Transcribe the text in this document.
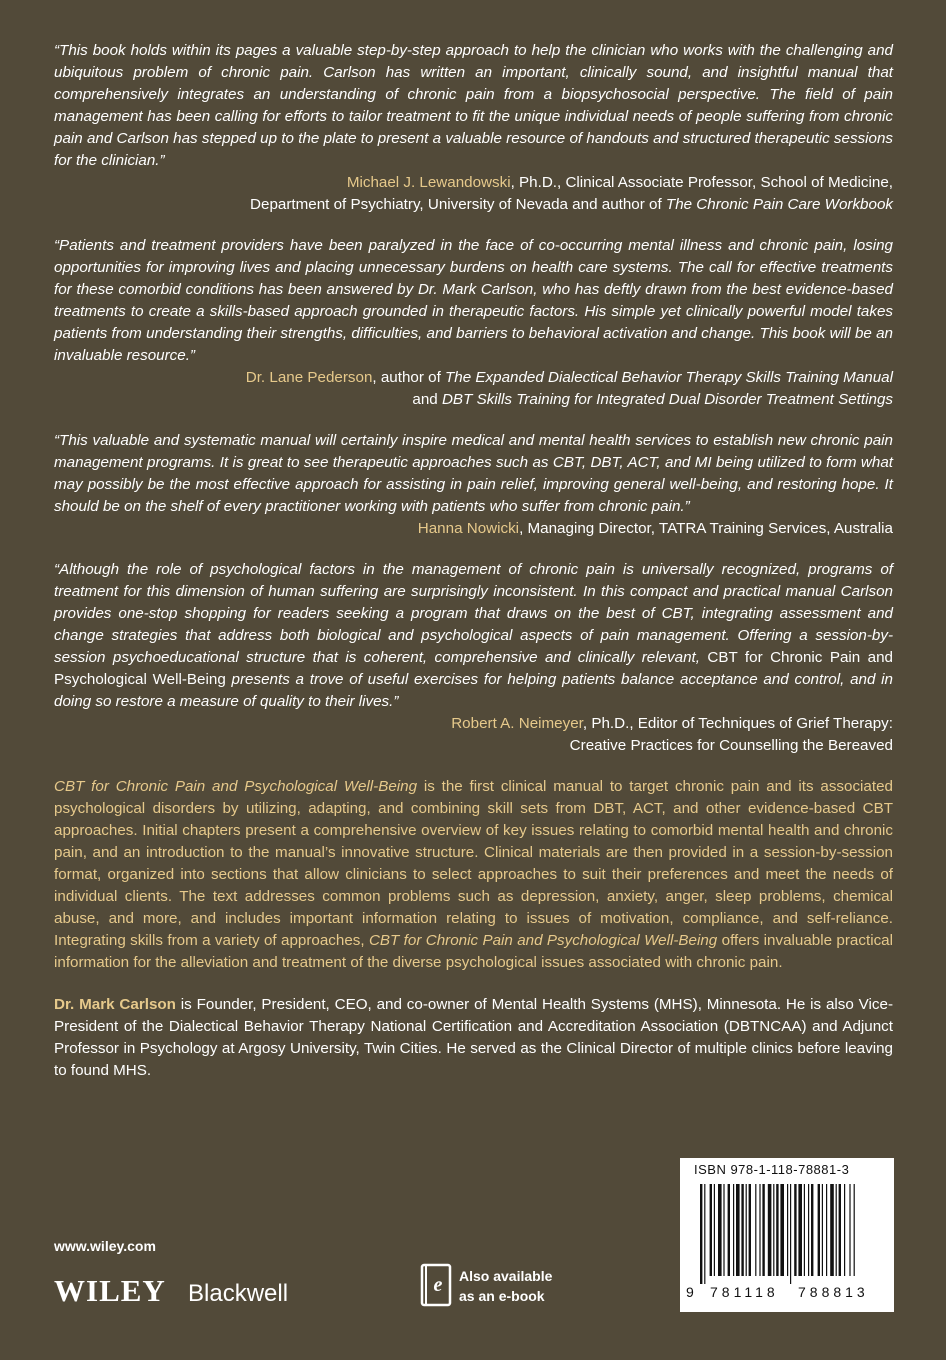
“This book holds within its pages a valuable step-by-step approach to help the clinician who works with the challenging and ubiquitous problem of chronic pain. Carlson has written an important, clinically sound, and insightful manual that comprehensively integrates an understanding of chronic pain from a biopsychosocial perspective. The field of pain management has been calling for efforts to tailor treatment to fit the unique individual needs of people suffering from chronic pain and Carlson has stepped up to the plate to present a valuable resource of handouts and structured therapeutic sessions for the clinician.”

Michael J. Lewandowski, Ph.D., Clinical Associate Professor, School of Medicine,

Department of Psychiatry, University of Nevada and author of The Chronic Pain Care Workbook

“Patients and treatment providers have been paralyzed in the face of co-occurring mental illness and chronic pain, losing opportunities for improving lives and placing unnecessary burdens on health care systems. The call for effective treatments for these comorbid conditions has been answered by Dr. Mark Carlson, who has deftly drawn from the best evidence-based treatments to create a skills-based approach grounded in therapeutic factors. His simple yet clinically powerful model takes patients from understanding their strengths, difficulties, and barriers to behavioral activation and change. This book will be an invaluable resource.”

Dr. Lane Pederson, author of The Expanded Dialectical Behavior Therapy Skills Training Manual

and DBT Skills Training for Integrated Dual Disorder Treatment Settings

“This valuable and systematic manual will certainly inspire medical and mental health services to establish new chronic pain management programs. It is great to see therapeutic approaches such as CBT, DBT, ACT, and MI being utilized to form what may possibly be the most effective approach for assisting in pain relief, improving general well-being, and restoring hope. It should be on the shelf of every practitioner working with patients who suffer from chronic pain.”

Hanna Nowicki, Managing Director, TATRA Training Services, Australia

“Although the role of psychological factors in the management of chronic pain is universally recognized, programs of treatment for this dimension of human suffering are surprisingly inconsistent. In this compact and practical manual Carlson provides one-stop shopping for readers seeking a program that draws on the best of CBT, integrating assessment and change strategies that address both biological and psychological aspects of pain management. Offering a session-by-session psychoeducational structure that is coherent, comprehensive and clinically relevant, CBT for Chronic Pain and Psychological Well-Being presents a trove of useful exercises for helping patients balance acceptance and control, and in doing so restore a measure of quality to their lives.”

Robert A. Neimeyer, Ph.D., Editor of Techniques of Grief Therapy:

Creative Practices for Counselling the Bereaved

CBT for Chronic Pain and Psychological Well-Being is the first clinical manual to target chronic pain and its associated psychological disorders by utilizing, adapting, and combining skill sets from DBT, ACT, and other evidence-based CBT approaches. Initial chapters present a comprehensive overview of key issues relating to comorbid mental health and chronic pain, and an introduction to the manual’s innovative structure. Clinical materials are then provided in a session-by-session format, organized into sections that allow clinicians to select approaches to suit their preferences and meet the needs of individual clients. The text addresses common problems such as depression, anxiety, anger, sleep problems, chemical abuse, and more, and includes important information relating to issues of motivation, compliance, and self-reliance. Integrating skills from a variety of approaches, CBT for Chronic Pain and Psychological Well-Being offers invaluable practical information for the alleviation and treatment of the diverse psychological issues associated with chronic pain.

Dr. Mark Carlson is Founder, President, CEO, and co-owner of Mental Health Systems (MHS), Minnesota. He is also Vice-President of the Dialectical Behavior Therapy National Certification and Accreditation Association (DBTNCAA) and Adjunct Professor in Psychology at Argosy University, Twin Cities. He served as the Clinical Director of multiple clinics before leaving to found MHS.

www.wiley.com
WILEY Blackwell	e Also available
as an e-book
ISBN 978-1-118-78881-3
9 781118 788813
